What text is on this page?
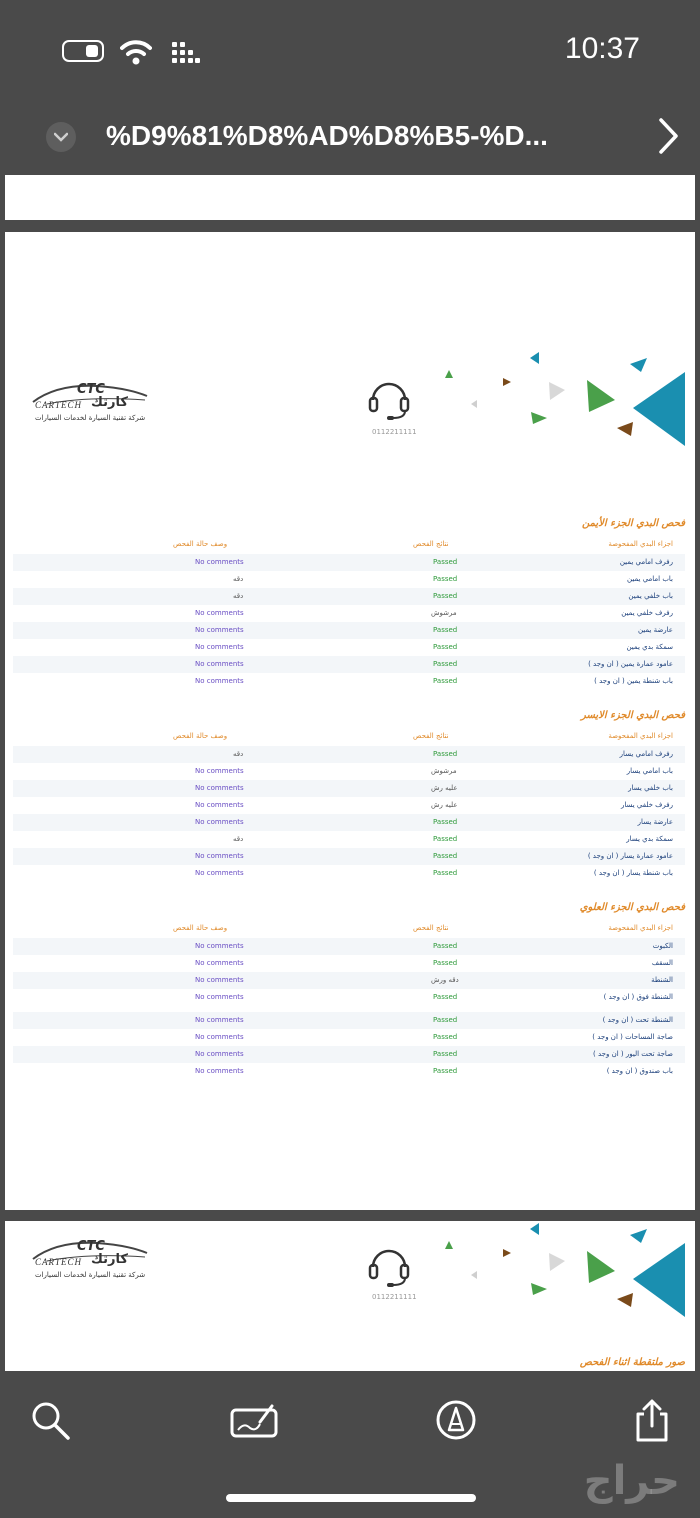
10:37
%D9%81%D8%AD%D8%B5-%D...
CTC
كارتك
CARTECH
شركة تقنية السيارة لخدمات السيارات
0112211111
فحص البدي الجزء الأيمن
اجزاء البدي المفحوصة
نتائج الفحص
وصف حالة الفحص
رفرف امامي يمين
Passed
No comments
باب امامي يمين
Passed
دقه
باب خلفي يمين
Passed
دقه
رفرف خلفي يمين
مرشوش
No comments
عارضة يمين
Passed
No comments
سمكة بدي يمين
Passed
No comments
عامود عمارة يمين ( ان وجد )
Passed
No comments
باب شنطة يمين ( ان وجد )
Passed
No comments
فحص البدي الجزء الايسر
اجزاء البدي المفحوصة
نتائج الفحص
وصف حالة الفحص
رفرف امامي يسار
Passed
دقه
باب امامي يسار
مرشوش
No comments
باب خلفي يسار
عليه رش
No comments
رفرف خلفي يسار
عليه رش
No comments
عارضة يسار
Passed
No comments
سمكة بدي يسار
Passed
دقه
عامود عمارة يسار ( ان وجد )
Passed
No comments
باب شنطة يسار ( ان وجد )
Passed
No comments
فحص البدي الجزء العلوي
اجزاء البدي المفحوصة
نتائج الفحص
وصف حالة الفحص
الكبوت
Passed
No comments
السقف
Passed
No comments
الشنطة
دقه ورش
No comments
الشنطة فوق ( ان وجد )
Passed
No comments
الشنطة تحت ( ان وجد )
Passed
No comments
صاجة المساحات ( ان وجد )
Passed
No comments
صاجة تحت اليور ( ان وجد )
Passed
No comments
باب صندوق ( ان وجد )
Passed
No comments
CTC
كارتك
CARTECH
شركة تقنية السيارة لخدمات السيارات
0112211111
صور ملتقطة اثناء الفحص
حراج
